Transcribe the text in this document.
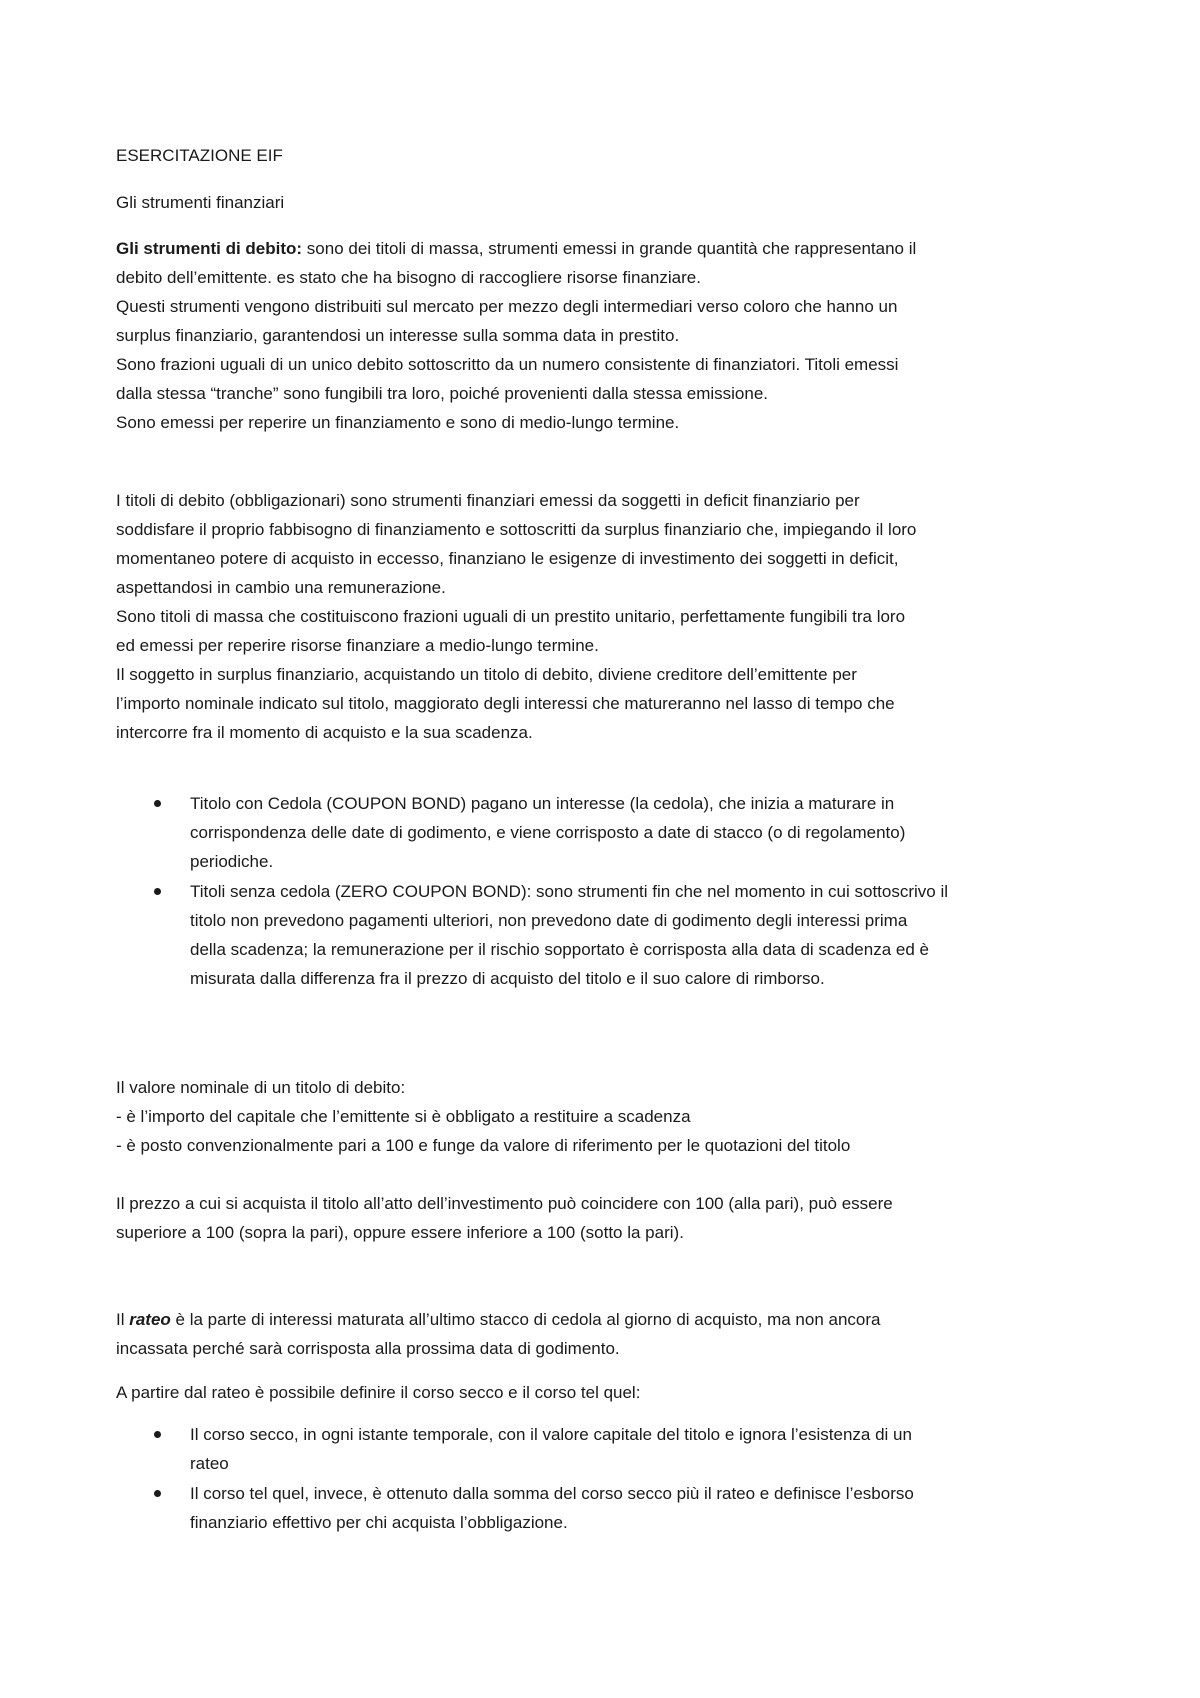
ESERCITAZIONE EIF
Gli strumenti finanziari
Gli strumenti di debito: sono dei titoli di massa, strumenti emessi in grande quantità che rappresentano il
debito dell’emittente. es stato che ha bisogno di raccogliere risorse finanziare.
Questi strumenti vengono distribuiti sul mercato per mezzo degli intermediari verso coloro che hanno un
surplus finanziario, garantendosi un interesse sulla somma data in prestito.
Sono frazioni uguali di un unico debito sottoscritto da un numero consistente di finanziatori. Titoli emessi
dalla stessa “tranche” sono fungibili tra loro, poiché provenienti dalla stessa emissione.
Sono emessi per reperire un finanziamento e sono di medio-lungo termine.
I titoli di debito (obbligazionari) sono strumenti finanziari emessi da soggetti in deficit finanziario per
soddisfare il proprio fabbisogno di finanziamento e sottoscritti da surplus finanziario che, impiegando il loro
momentaneo potere di acquisto in eccesso, finanziano le esigenze di investimento dei soggetti in deficit,
aspettandosi in cambio una remunerazione.
Sono titoli di massa che costituiscono frazioni uguali di un prestito unitario, perfettamente fungibili tra loro
ed emessi per reperire risorse finanziare a medio-lungo termine.
Il soggetto in surplus finanziario, acquistando un titolo di debito, diviene creditore dell’emittente per
l’importo nominale indicato sul titolo, maggiorato degli interessi che matureranno nel lasso di tempo che
intercorre fra il momento di acquisto e la sua scadenza.
Titolo con Cedola (COUPON BOND) pagano un interesse (la cedola), che inizia a maturare in
corrispondenza delle date di godimento, e viene corrisposto a date di stacco (o di regolamento)
periodiche.
Titoli senza cedola (ZERO COUPON BOND): sono strumenti fin che nel momento in cui sottoscrivo il
titolo non prevedono pagamenti ulteriori, non prevedono date di godimento degli interessi prima
della scadenza; la remunerazione per il rischio sopportato è corrisposta alla data di scadenza ed è
misurata dalla differenza fra il prezzo di acquisto del titolo e il suo calore di rimborso.
Il valore nominale di un titolo di debito:
- è l’importo del capitale che l’emittente si è obbligato a restituire a scadenza
- è posto convenzionalmente pari a 100 e funge da valore di riferimento per le quotazioni del titolo
Il prezzo a cui si acquista il titolo all’atto dell’investimento può coincidere con 100 (alla pari), può essere
superiore a 100 (sopra la pari), oppure essere inferiore a 100 (sotto la pari).
Il rateo è la parte di interessi maturata all’ultimo stacco di cedola al giorno di acquisto, ma non ancora
incassata perché sarà corrisposta alla prossima data di godimento.
A partire dal rateo è possibile definire il corso secco e il corso tel quel:
Il corso secco, in ogni istante temporale, con il valore capitale del titolo e ignora l’esistenza di un
rateo
Il corso tel quel, invece, è ottenuto dalla somma del corso secco più il rateo e definisce l’esborso
finanziario effettivo per chi acquista l’obbligazione.
